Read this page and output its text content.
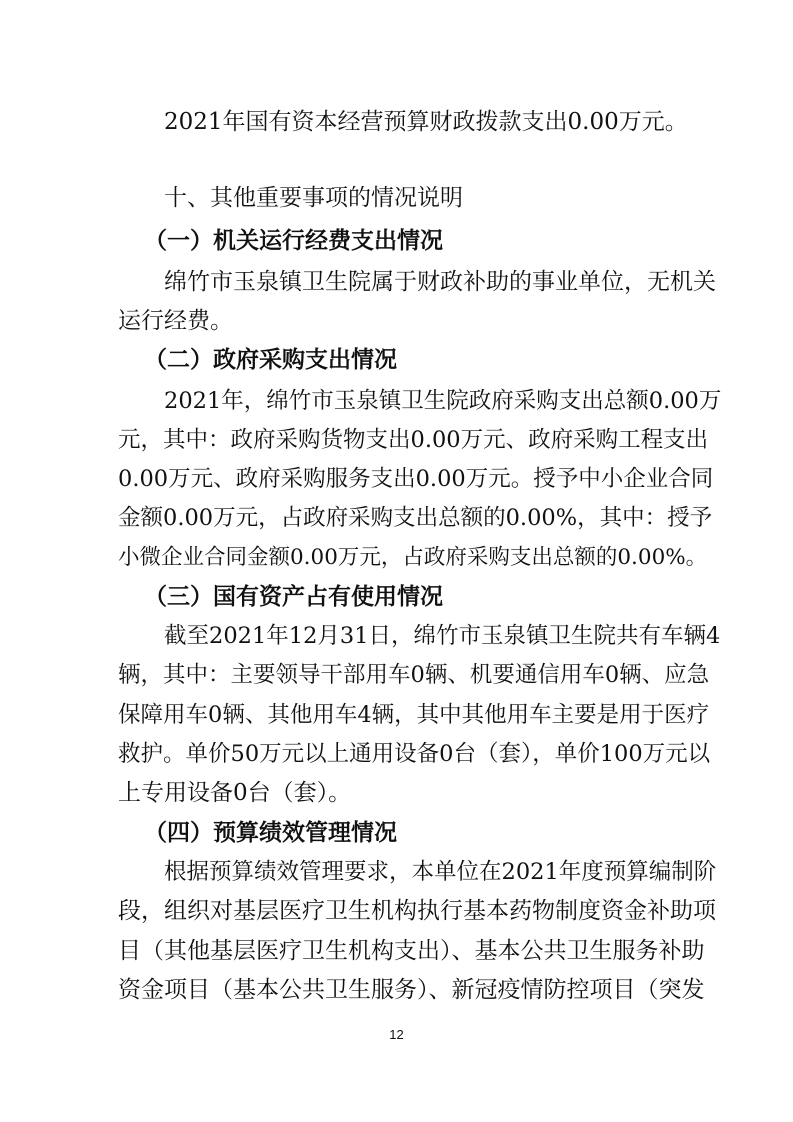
2021年国有资本经营预算财政拨款支出0.00万元。

十、其他重要事项的情况说明

（一）机关运行经费支出情况

绵竹市玉泉镇卫生院属于财政补助的事业单位，无机关

运行经费。

（二）政府采购支出情况

2021年，绵竹市玉泉镇卫生院政府采购支出总额0.00万

元，其中：政府采购货物支出0.00万元、政府采购工程支出

0.00万元、政府采购服务支出0.00万元。授予中小企业合同

金额0.00万元，占政府采购支出总额的0.00%，其中：授予

小微企业合同金额0.00万元，占政府采购支出总额的0.00%。

（三）国有资产占有使用情况

截至2021年12月31日，绵竹市玉泉镇卫生院共有车辆4

辆，其中：主要领导干部用车0辆、机要通信用车0辆、应急

保障用车0辆、其他用车4辆，其中其他用车主要是用于医疗

救护。单价50万元以上通用设备0台（套），单价100万元以

上专用设备0台（套）。

（四）预算绩效管理情况

根据预算绩效管理要求，本单位在2021年度预算编制阶

段，组织对基层医疗卫生机构执行基本药物制度资金补助项

目（其他基层医疗卫生机构支出）、基本公共卫生服务补助

资金项目（基本公共卫生服务）、新冠疫情防控项目（突发

12
